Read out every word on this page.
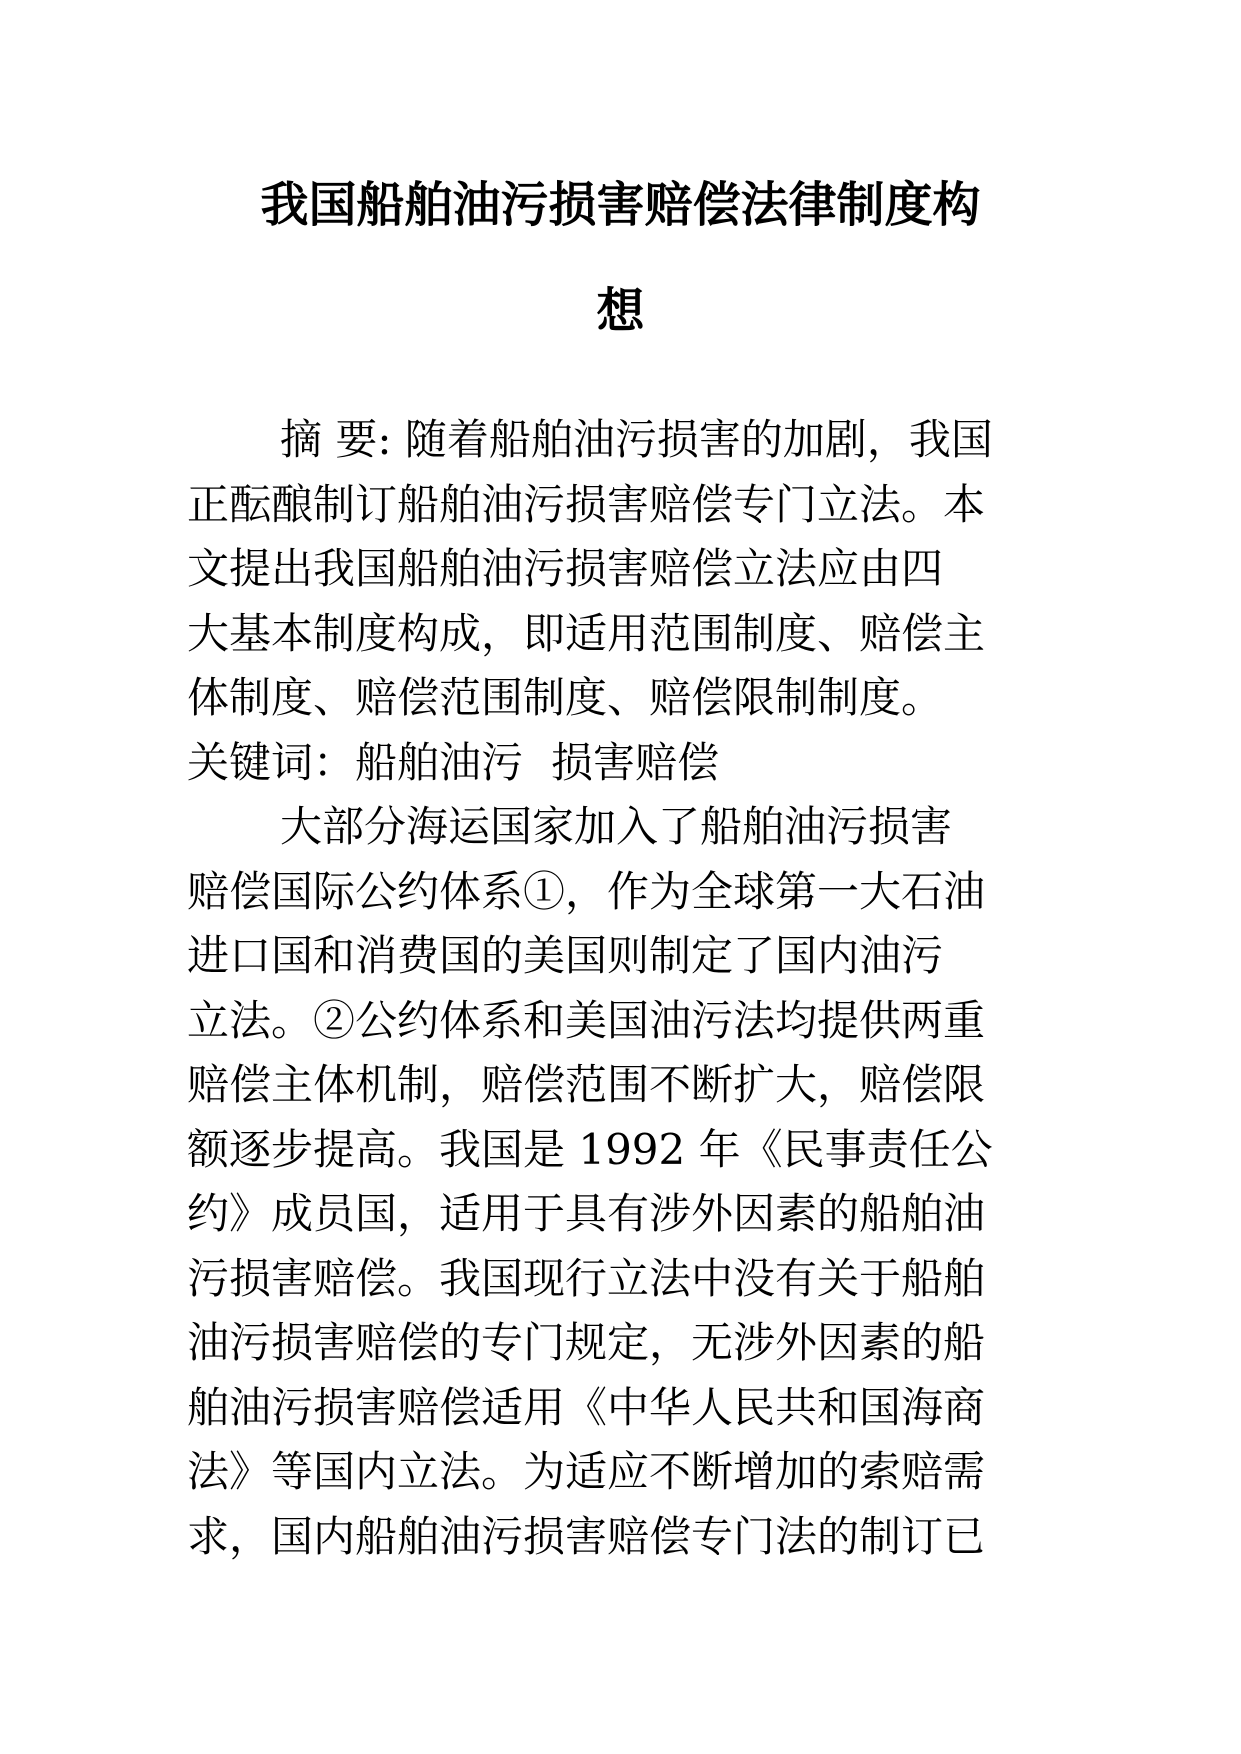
我国船舶油污损害赔偿法律制度构
想
摘 要: 随着船舶油污损害的加剧，我国
正酝酿制订船舶油污损害赔偿专门立法。本
文提出我国船舶油污损害赔偿立法应由四
大基本制度构成，即适用范围制度、赔偿主
体制度、赔偿范围制度、赔偿限制制度。
关键词：船舶油污 损害赔偿
大部分海运国家加入了船舶油污损害
赔偿国际公约体系①，作为全球第一大石油
进口国和消费国的美国则制定了国内油污
立法。②公约体系和美国油污法均提供两重
赔偿主体机制，赔偿范围不断扩大，赔偿限
额逐步提高。我国是 1992 年《民事责任公
约》成员国，适用于具有涉外因素的船舶油
污损害赔偿。我国现行立法中没有关于船舶
油污损害赔偿的专门规定，无涉外因素的船
舶油污损害赔偿适用《中华人民共和国海商
法》等国内立法。为适应不断增加的索赔需
求，国内船舶油污损害赔偿专门法的制订已
